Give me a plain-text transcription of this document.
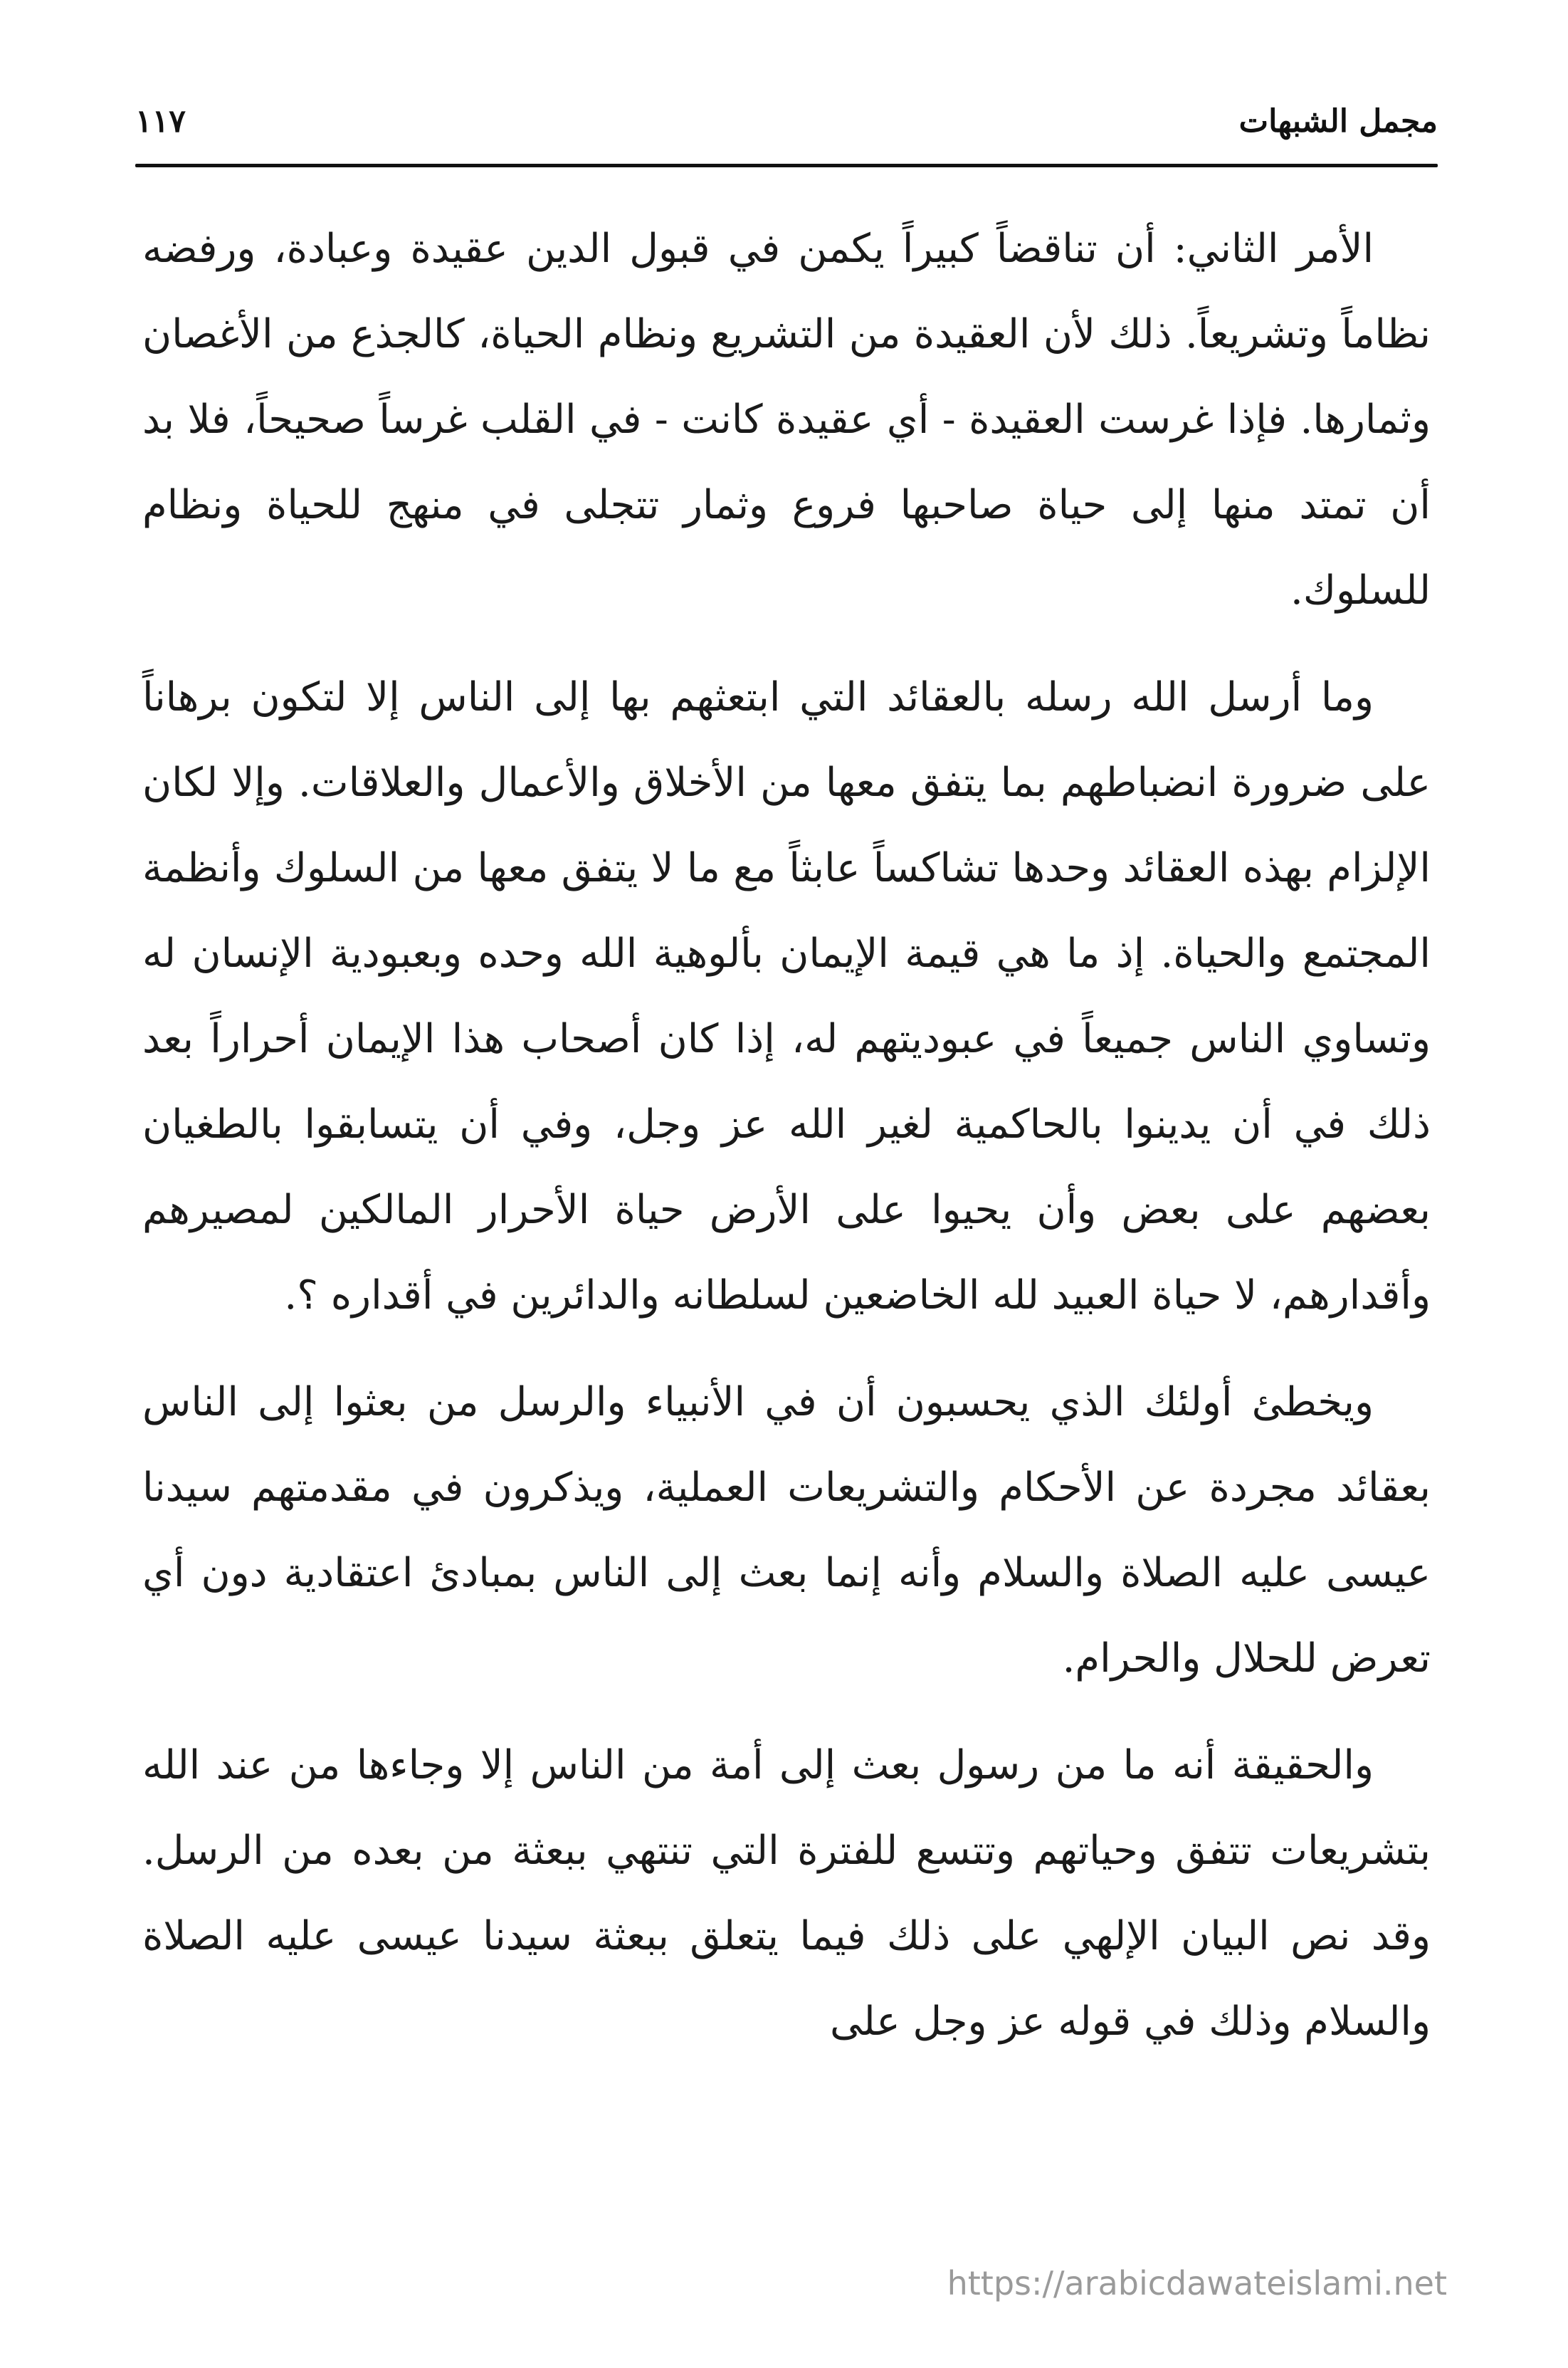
مجمل الشبهات
١١٧

الأمر الثاني: أن تناقضاً كبيراً يكمن في قبول الدين عقيدة وعبادة، ورفضه نظاماً وتشريعاً. ذلك لأن العقيدة من التشريع ونظام الحياة، كالجذع من الأغصان وثمارها. فإذا غرست العقيدة - أي عقيدة كانت - في القلب غرساً صحيحاً، فلا بد أن تمتد منها إلى حياة صاحبها فروع وثمار تتجلى في منهج للحياة ونظام للسلوك.

وما أرسل الله رسله بالعقائد التي ابتعثهم بها إلى الناس إلا لتكون برهاناً على ضرورة انضباطهم بما يتفق معها من الأخلاق والأعمال والعلاقات. وإلا لكان الإلزام بهذه العقائد وحدها تشاكساً عابثاً مع ما لا يتفق معها من السلوك وأنظمة المجتمع والحياة. إذ ما هي قيمة الإيمان بألوهية الله وحده وبعبودية الإنسان له وتساوي الناس جميعاً في عبوديتهم له، إذا كان أصحاب هذا الإيمان أحراراً بعد ذلك في أن يدينوا بالحاكمية لغير الله عز وجل، وفي أن يتسابقوا بالطغيان بعضهم على بعض وأن يحيوا على الأرض حياة الأحرار المالكين لمصيرهم وأقدارهم، لا حياة العبيد لله الخاضعين لسلطانه والدائرين في أقداره ؟.

ويخطئ أولئك الذي يحسبون أن في الأنبياء والرسل من بعثوا إلى الناس بعقائد مجردة عن الأحكام والتشريعات العملية، ويذكرون في مقدمتهم سيدنا عيسى عليه الصلاة والسلام وأنه إنما بعث إلى الناس بمبادئ اعتقادية دون أي تعرض للحلال والحرام.

والحقيقة أنه ما من رسول بعث إلى أمة من الناس إلا وجاءها من عند الله بتشريعات تتفق وحياتهم وتتسع للفترة التي تنتهي ببعثة من بعده من الرسل. وقد نص البيان الإلهي على ذلك فيما يتعلق ببعثة سيدنا عيسى عليه الصلاة والسلام وذلك في قوله عز وجل على

https://arabicdawateislami.net
